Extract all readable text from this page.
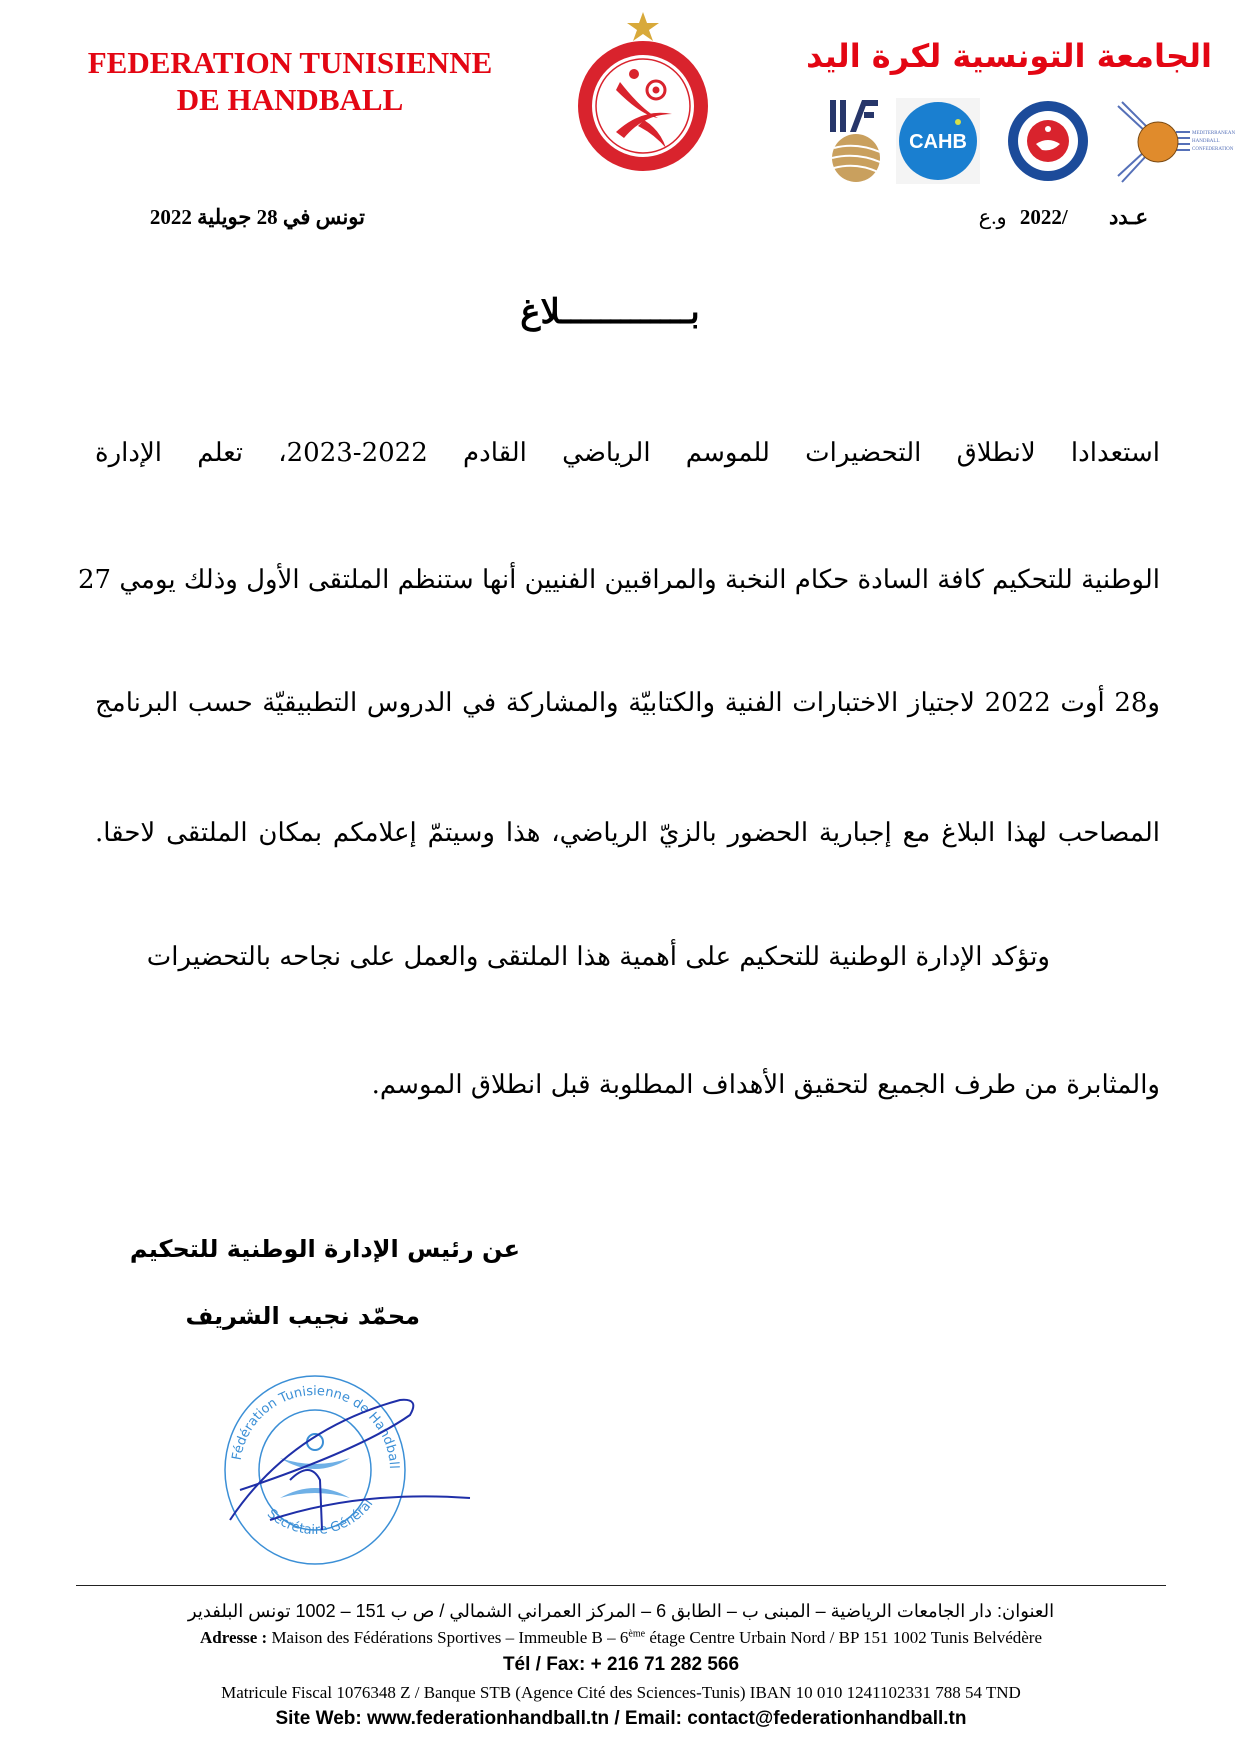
FEDERATION TUNISIENNE
DE HANDBALL
الجامعة التونسية لكرة اليد
CAHB	MEDITERRANEAN
HANDBALL
CONFEDERATION
تونس في 28 جويلية 2022	عـدد /2022 و.ع
بـــــــــــــلاغ
استعدادا لانطلاق التحضيرات للموسم الرياضي القادم 2022-2023، تعلم الإدارة
الوطنية للتحكيم كافة السادة حكام النخبة والمراقبين الفنيين أنها ستنظم الملتقى الأول وذلك يومي 27
و28 أوت 2022 لاجتياز الاختبارات الفنية والكتابيّة والمشاركة في الدروس التطبيقيّة حسب البرنامج
المصاحب لهذا البلاغ مع إجبارية الحضور بالزيّ الرياضي، هذا وسيتمّ إعلامكم بمكان الملتقى لاحقا.
وتؤكد الإدارة الوطنية للتحكيم على أهمية هذا الملتقى والعمل على نجاحه بالتحضيرات
والمثابرة من طرف الجميع لتحقيق الأهداف المطلوبة قبل انطلاق الموسم.
عن رئيس الإدارة الوطنية للتحكيم
محمّد نجيب الشريف
Fédération Tunisienne de Handball
Secrétaire Général
العنوان: دار الجامعات الرياضية – المبنى ب – الطابق 6 – المركز العمراني الشمالي / ص ب 151 – 1002 تونس البلفدير
Adresse : Maison des Fédérations Sportives – Immeuble B – 6ème étage Centre Urbain Nord / BP 151 1002 Tunis Belvédère
Tél / Fax: + 216 71 282 566
Matricule Fiscal 1076348 Z / Banque STB (Agence Cité des Sciences-Tunis) IBAN 10 010 1241102331 788 54 TND
Site Web: www.federationhandball.tn / Email: contact@federationhandball.tn
